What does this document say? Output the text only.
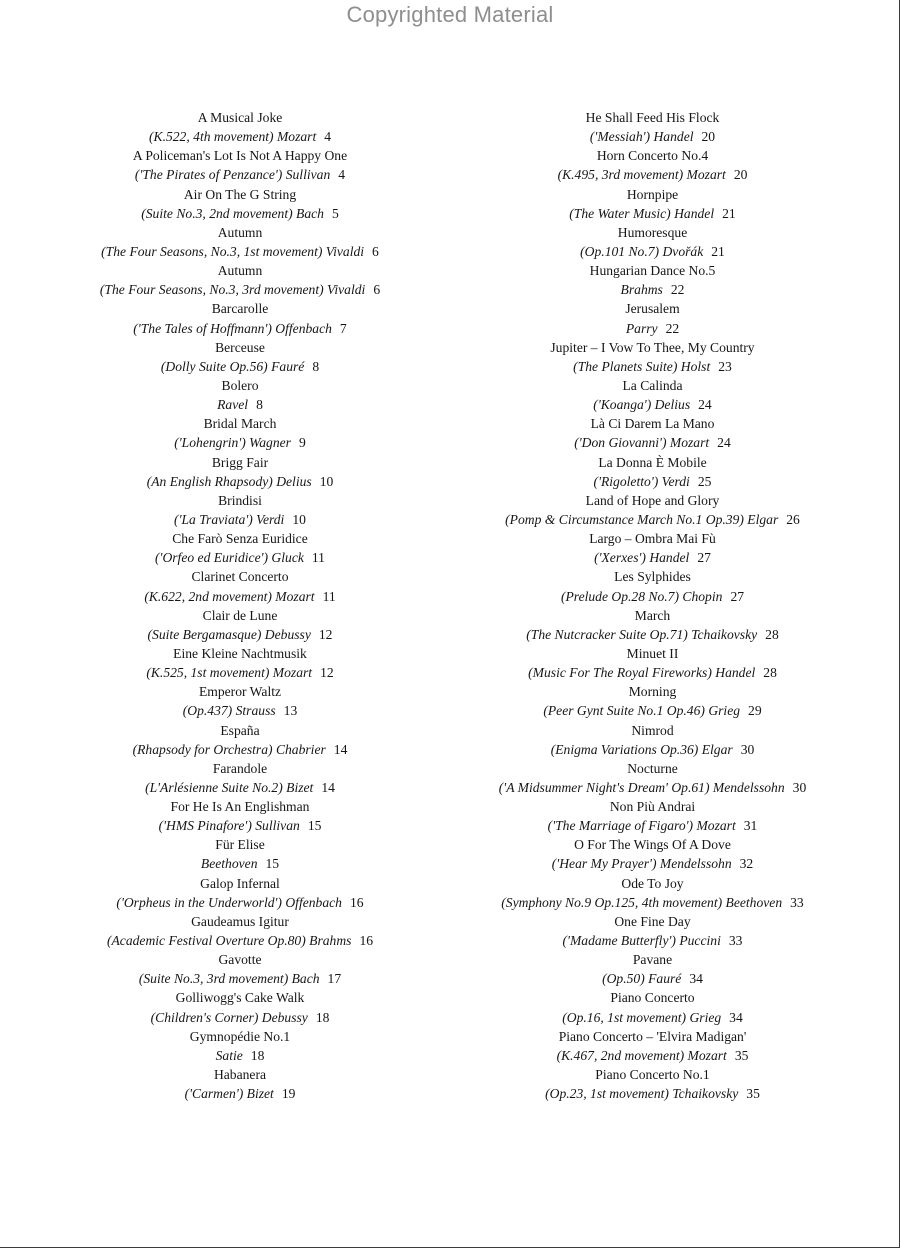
Copyrighted Material
A Musical Joke
(K.522, 4th movement) Mozart 4
A Policeman's Lot Is Not A Happy One
('The Pirates of Penzance') Sullivan 4
Air On The G String
(Suite No.3, 2nd movement) Bach 5
Autumn
(The Four Seasons, No.3, 1st movement) Vivaldi 6
Autumn
(The Four Seasons, No.3, 3rd movement) Vivaldi 6
Barcarolle
('The Tales of Hoffmann') Offenbach 7
Berceuse
(Dolly Suite Op.56) Fauré 8
Bolero
Ravel 8
Bridal March
('Lohengrin') Wagner 9
Brigg Fair
(An English Rhapsody) Delius 10
Brindisi
('La Traviata') Verdi 10
Che Farò Senza Euridice
('Orfeo ed Euridice') Gluck 11
Clarinet Concerto
(K.622, 2nd movement) Mozart 11
Clair de Lune
(Suite Bergamasque) Debussy 12
Eine Kleine Nachtmusik
(K.525, 1st movement) Mozart 12
Emperor Waltz
(Op.437) Strauss 13
España
(Rhapsody for Orchestra) Chabrier 14
Farandole
(L'Arlésienne Suite No.2) Bizet 14
For He Is An Englishman
('HMS Pinafore') Sullivan 15
Für Elise
Beethoven 15
Galop Infernal
('Orpheus in the Underworld') Offenbach 16
Gaudeamus Igitur
(Academic Festival Overture Op.80) Brahms 16
Gavotte
(Suite No.3, 3rd movement) Bach 17
Golliwogg's Cake Walk
(Children's Corner) Debussy 18
Gymnopédie No.1
Satie 18
Habanera
('Carmen') Bizet 19
He Shall Feed His Flock
('Messiah') Handel 20
Horn Concerto No.4
(K.495, 3rd movement) Mozart 20
Hornpipe
(The Water Music) Handel 21
Humoresque
(Op.101 No.7) Dvořák 21
Hungarian Dance No.5
Brahms 22
Jerusalem
Parry 22
Jupiter – I Vow To Thee, My Country
(The Planets Suite) Holst 23
La Calinda
('Koanga') Delius 24
Là Ci Darem La Mano
('Don Giovanni') Mozart 24
La Donna È Mobile
('Rigoletto') Verdi 25
Land of Hope and Glory
(Pomp & Circumstance March No.1 Op.39) Elgar 26
Largo – Ombra Mai Fù
('Xerxes') Handel 27
Les Sylphides
(Prelude Op.28 No.7) Chopin 27
March
(The Nutcracker Suite Op.71) Tchaikovsky 28
Minuet II
(Music For The Royal Fireworks) Handel 28
Morning
(Peer Gynt Suite No.1 Op.46) Grieg 29
Nimrod
(Enigma Variations Op.36) Elgar 30
Nocturne
('A Midsummer Night's Dream' Op.61) Mendelssohn 30
Non Più Andrai
('The Marriage of Figaro') Mozart 31
O For The Wings Of A Dove
('Hear My Prayer') Mendelssohn 32
Ode To Joy
(Symphony No.9 Op.125, 4th movement) Beethoven 33
One Fine Day
('Madame Butterfly') Puccini 33
Pavane
(Op.50) Fauré 34
Piano Concerto
(Op.16, 1st movement) Grieg 34
Piano Concerto – 'Elvira Madigan'
(K.467, 2nd movement) Mozart 35
Piano Concerto No.1
(Op.23, 1st movement) Tchaikovsky 35
